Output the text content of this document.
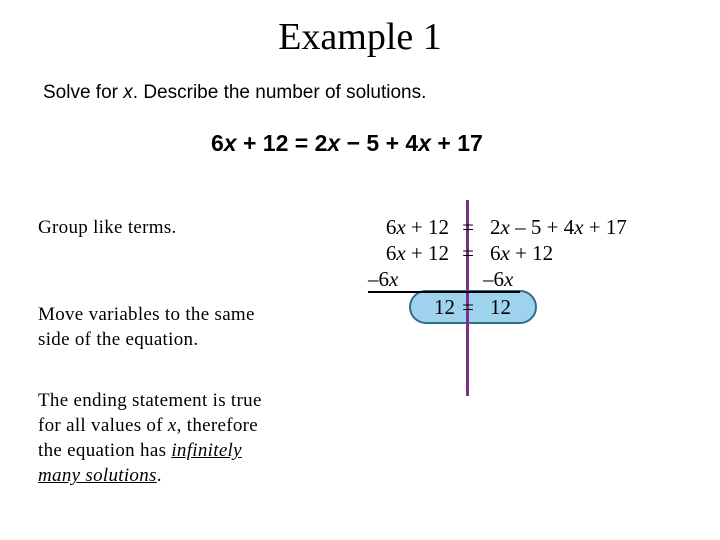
Example 1
Solve for x. Describe the number of solutions.
6x + 12 = 2x − 5 + 4x + 17
Group like terms.
Move variables to the same
side of the equation.
The ending statement is true
for all values of x, therefore
the equation has infinitely
many solutions.
6x + 12 = 2x – 5 + 4x + 17
6x + 12 = 6x + 12
–6x	–6x
12 = 12
